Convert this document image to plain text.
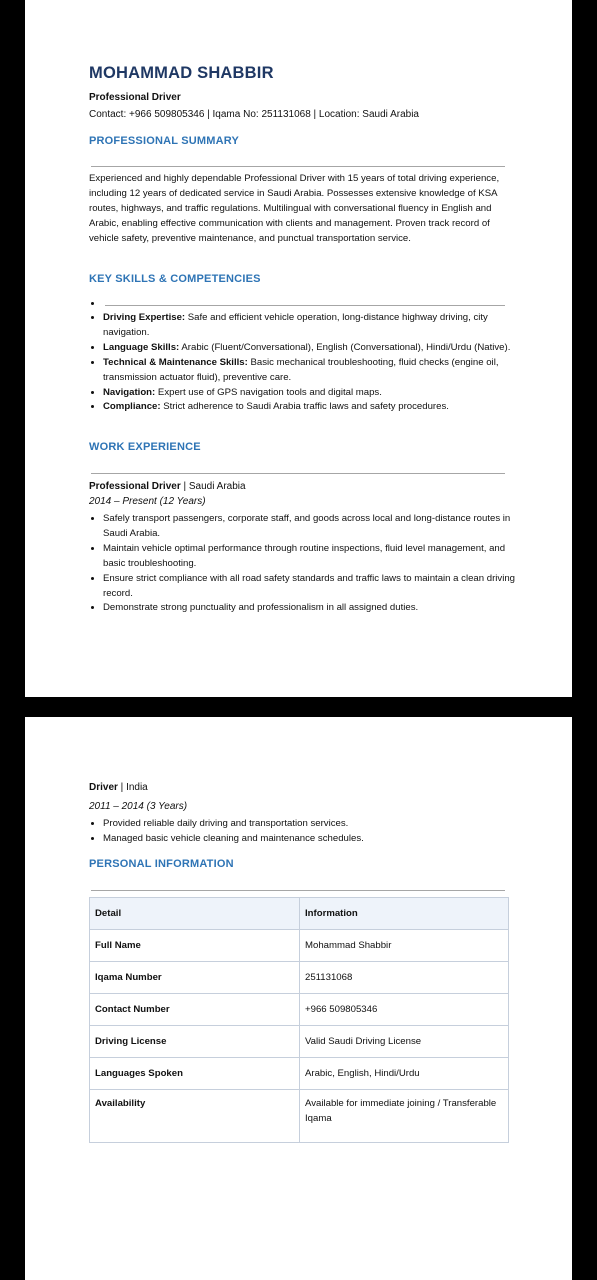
MOHAMMAD SHABBIR
Professional Driver
Contact: +966 509805346 | Iqama No: 251131068 | Location: Saudi Arabia
PROFESSIONAL SUMMARY
Experienced and highly dependable Professional Driver with 15 years of total driving experience, including 12 years of dedicated service in Saudi Arabia. Possesses extensive knowledge of KSA routes, highways, and traffic regulations. Multilingual with conversational fluency in English and Arabic, enabling effective communication with clients and management. Proven track record of vehicle safety, preventive maintenance, and punctual transportation service.
KEY SKILLS & COMPETENCIES
•
• Driving Expertise: Safe and efficient vehicle operation, long-distance highway driving, city navigation.
• Language Skills: Arabic (Fluent/Conversational), English (Conversational), Hindi/Urdu (Native).
• Technical & Maintenance Skills: Basic mechanical troubleshooting, fluid checks (engine oil, transmission actuator fluid), preventive care.
• Navigation: Expert use of GPS navigation tools and digital maps.
• Compliance: Strict adherence to Saudi Arabia traffic laws and safety procedures.
WORK EXPERIENCE
Professional Driver | Saudi Arabia
2014 – Present (12 Years)
• Safely transport passengers, corporate staff, and goods across local and long-distance routes in Saudi Arabia.
• Maintain vehicle optimal performance through routine inspections, fluid level management, and basic troubleshooting.
• Ensure strict compliance with all road safety standards and traffic laws to maintain a clean driving record.
• Demonstrate strong punctuality and professionalism in all assigned duties.
Driver | India
2011 – 2014 (3 Years)
• Provided reliable daily driving and transportation services.
• Managed basic vehicle cleaning and maintenance schedules.
PERSONAL INFORMATION
Detail	Information
Full Name	Mohammad Shabbir
Iqama Number	251131068
Contact Number	+966 509805346
Driving License	Valid Saudi Driving License
Languages Spoken	Arabic, English, Hindi/Urdu
Availability	Available for immediate joining / Transferable Iqama
